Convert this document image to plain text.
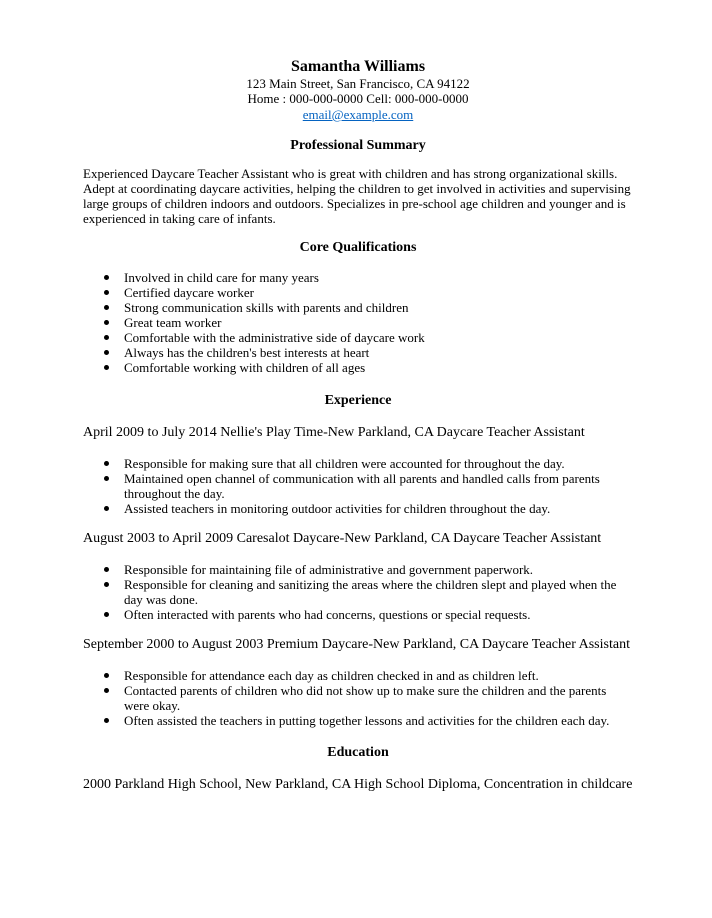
Samantha Williams
123 Main Street, San Francisco, CA 94122
Home : 000-000-0000 Cell: 000-000-0000
email@example.com
Professional Summary
Experienced Daycare Teacher Assistant who is great with children and has strong organizational skills. Adept at coordinating daycare activities, helping the children to get involved in activities and supervising large groups of children indoors and outdoors. Specializes in pre-school age children and younger and is experienced in taking care of infants.
Core Qualifications
Involved in child care for many years
Certified daycare worker
Strong communication skills with parents and children
Great team worker
Comfortable with the administrative side of daycare work
Always has the children's best interests at heart
Comfortable working with children of all ages
Experience
April 2009 to July 2014 Nellie's Play Time-New Parkland, CA Daycare Teacher Assistant
Responsible for making sure that all children were accounted for throughout the day.
Maintained open channel of communication with all parents and handled calls from parents throughout the day.
Assisted teachers in monitoring outdoor activities for children throughout the day.
August 2003 to April 2009 Caresalot Daycare-New Parkland, CA Daycare Teacher Assistant
Responsible for maintaining file of administrative and government paperwork.
Responsible for cleaning and sanitizing the areas where the children slept and played when the day was done.
Often interacted with parents who had concerns, questions or special requests.
September 2000 to August 2003 Premium Daycare-New Parkland, CA Daycare Teacher Assistant
Responsible for attendance each day as children checked in and as children left.
Contacted parents of children who did not show up to make sure the children and the parents were okay.
Often assisted the teachers in putting together lessons and activities for the children each day.
Education
2000 Parkland High School, New Parkland, CA High School Diploma, Concentration in childcare
